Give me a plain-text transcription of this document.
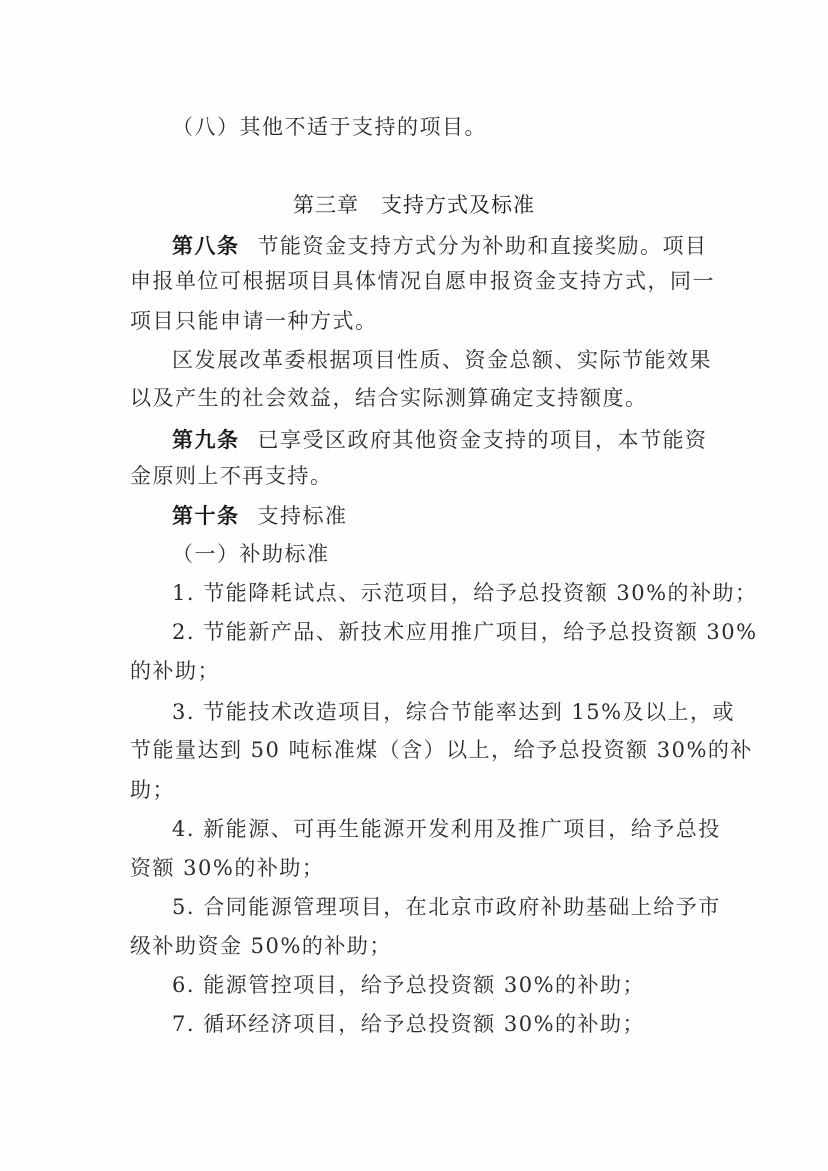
（八）其他不适于支持的项目。
第三章　支持方式及标准
第八条 节能资金支持方式分为补助和直接奖励。项目
申报单位可根据项目具体情况自愿申报资金支持方式，同一
项目只能申请一种方式。
区发展改革委根据项目性质、资金总额、实际节能效果
以及产生的社会效益，结合实际测算确定支持额度。
第九条 已享受区政府其他资金支持的项目，本节能资
金原则上不再支持。
第十条 支持标准
（一）补助标准
1. 节能降耗试点、示范项目，给予总投资额 30%的补助；
2. 节能新产品、新技术应用推广项目，给予总投资额 30%
的补助；
3. 节能技术改造项目，综合节能率达到 15%及以上，或
节能量达到 50 吨标准煤（含）以上，给予总投资额 30%的补
助；
4. 新能源、可再生能源开发利用及推广项目，给予总投
资额 30%的补助；
5. 合同能源管理项目，在北京市政府补助基础上给予市
级补助资金 50%的补助；
6. 能源管控项目，给予总投资额 30%的补助；
7. 循环经济项目，给予总投资额 30%的补助；
